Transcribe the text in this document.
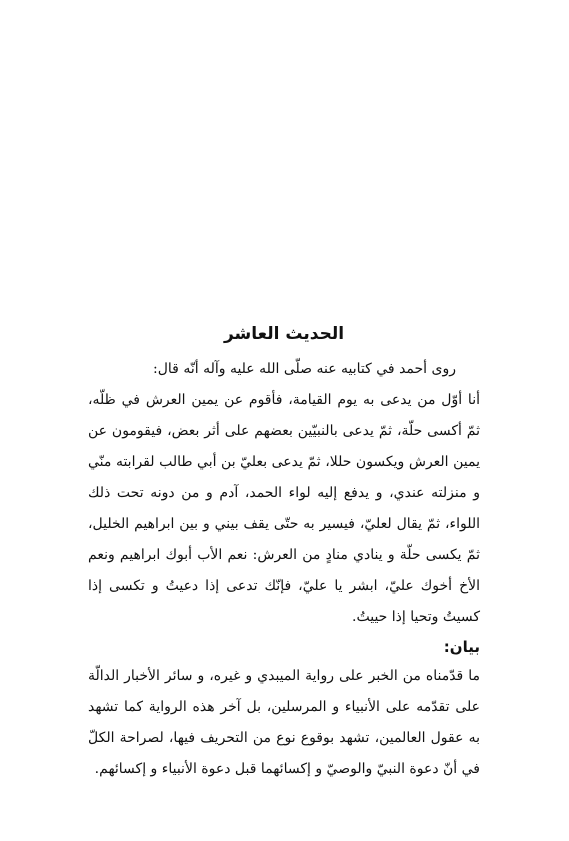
الحديث العاشر

روى أحمد في كتابيه عنه صلّى الله عليه وآله أنّه قال:

أنا أوّل من يدعى به يوم القيامة، فأقوم عن يمين العرش في ظلّه، ثمّ أكسى حلّة، ثمّ يدعى بالنبيّين بعضهم على أثر بعض، فيقومون عن يمين العرش ويكسون حللا، ثمّ يدعى بعليّ بن أبي طالب لقرابته منّي و منزلته عندي، و يدفع إليه لواء الحمد، آدم و من دونه تحت ذلك اللواء، ثمّ يقال لعليّ، فيسير به حتّى يقف بيني و بين ابراهيم الخليل، ثمّ يكسى حلّة و ينادي منادٍ من العرش: نعم الأب أبوك ابراهيم ونعم الأخ أخوك عليّ، ابشر يا عليّ، فإنّك تدعى إذا دعيتُ و تكسى إذا كسيتُ وتحيا إذا حييتُ.

بيان:

ما قدّمناه من الخبر على رواية الميبدي و غيره، و سائر الأخبار الدالّة على تقدّمه على الأنبياء و المرسلين، بل آخر هذه الرواية كما تشهد به عقول العالمين، تشهد بوقوع نوع من التحريف فيها، لصراحة الكلّ في أنّ دعوة النبيّ والوصيّ و إكسائهما قبل دعوة الأنبياء و إكسائهم.
